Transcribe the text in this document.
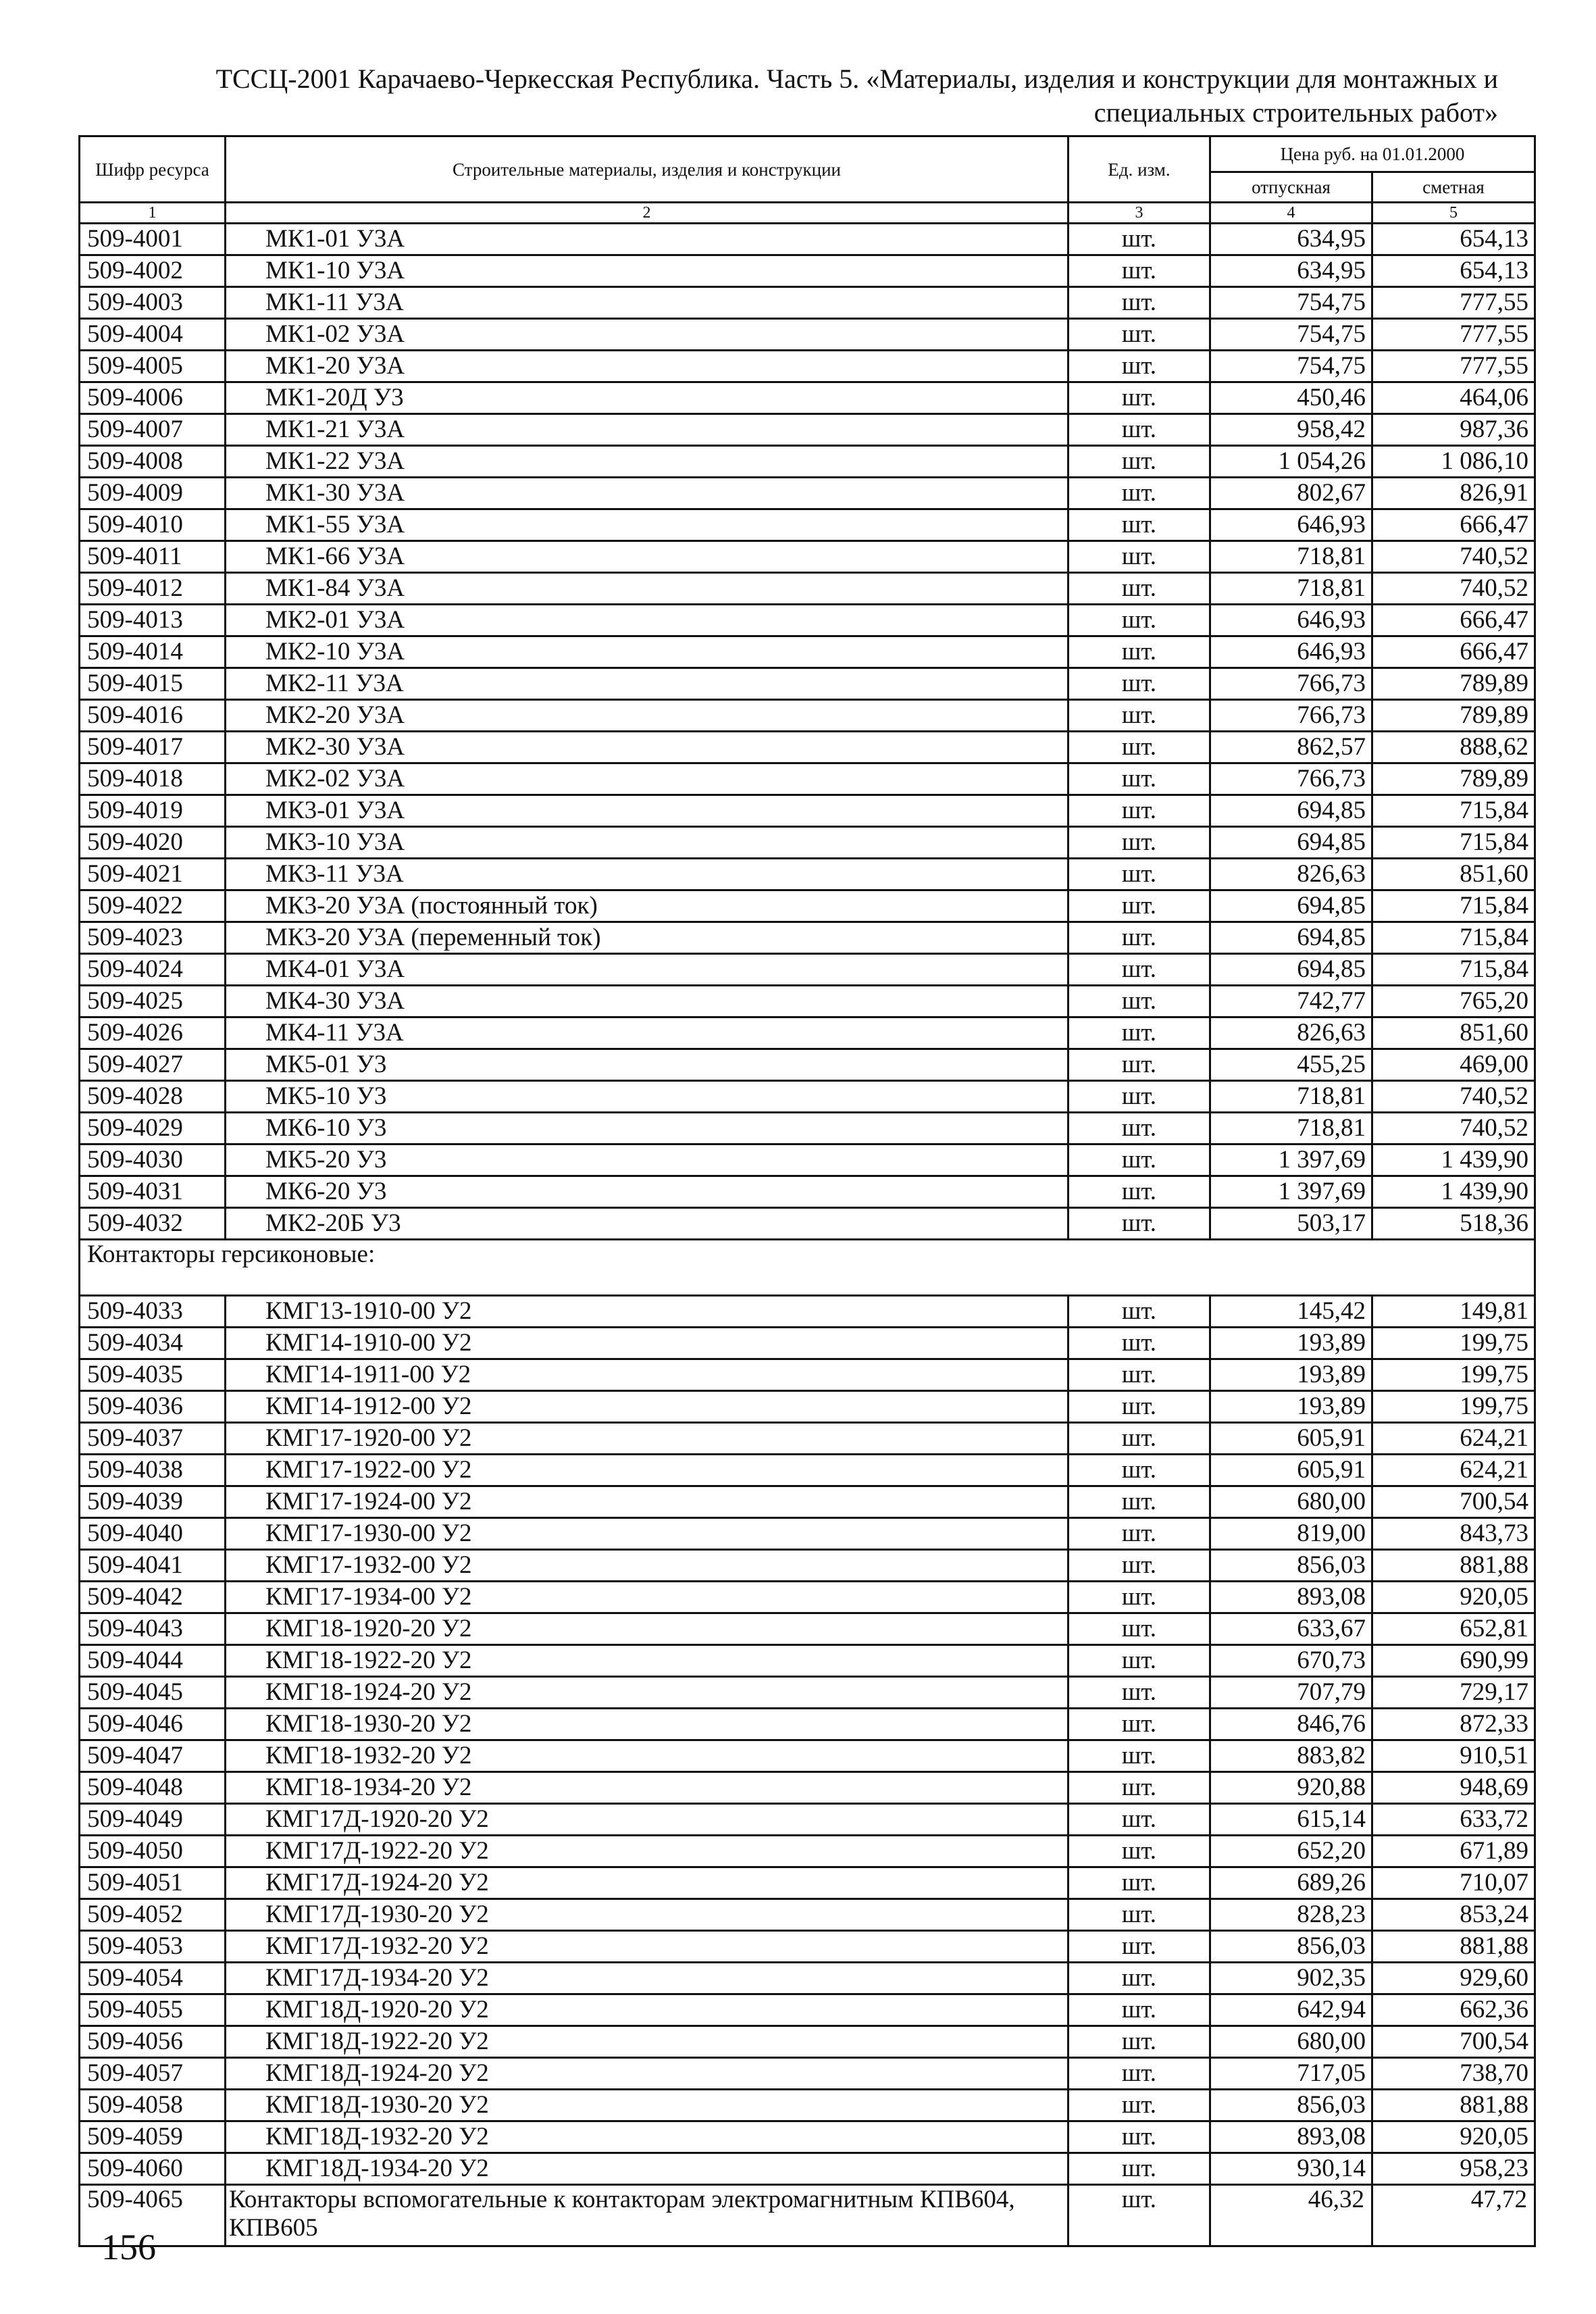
ТССЦ-2001 Карачаево-Черкесская Республика. Часть 5. «Материалы, изделия и конструкции для монтажных и
специальных строительных работ»
Шифр ресурса	Строительные материалы, изделия и конструкции	Ед. изм.	Цена руб. на 01.01.2000	
			отпускная	сметная
1	2	3	4	5
509-4001	МК1-01 У3А	шт.	634,95	654,13
509-4002	МК1-10 У3А	шт.	634,95	654,13
509-4003	МК1-11 У3А	шт.	754,75	777,55
509-4004	МК1-02 У3А	шт.	754,75	777,55
509-4005	МК1-20 У3А	шт.	754,75	777,55
509-4006	МК1-20Д У3	шт.	450,46	464,06
509-4007	МК1-21 У3А	шт.	958,42	987,36
509-4008	МК1-22 У3А	шт.	1 054,26	1 086,10
509-4009	МК1-30 У3А	шт.	802,67	826,91
509-4010	МК1-55 У3А	шт.	646,93	666,47
509-4011	МК1-66 У3А	шт.	718,81	740,52
509-4012	МК1-84 У3А	шт.	718,81	740,52
509-4013	МК2-01 У3А	шт.	646,93	666,47
509-4014	МК2-10 У3А	шт.	646,93	666,47
509-4015	МК2-11 У3А	шт.	766,73	789,89
509-4016	МК2-20 У3А	шт.	766,73	789,89
509-4017	МК2-30 У3А	шт.	862,57	888,62
509-4018	МК2-02 У3А	шт.	766,73	789,89
509-4019	МК3-01 У3А	шт.	694,85	715,84
509-4020	МК3-10 У3А	шт.	694,85	715,84
509-4021	МК3-11 У3А	шт.	826,63	851,60
509-4022	МК3-20 У3А (постоянный ток)	шт.	694,85	715,84
509-4023	МК3-20 У3А (переменный ток)	шт.	694,85	715,84
509-4024	МК4-01 У3А	шт.	694,85	715,84
509-4025	МК4-30 У3А	шт.	742,77	765,20
509-4026	МК4-11 У3А	шт.	826,63	851,60
509-4027	МК5-01 У3	шт.	455,25	469,00
509-4028	МК5-10 У3	шт.	718,81	740,52
509-4029	МК6-10 У3	шт.	718,81	740,52
509-4030	МК5-20 У3	шт.	1 397,69	1 439,90
509-4031	МК6-20 У3	шт.	1 397,69	1 439,90
509-4032	МК2-20Б У3	шт.	503,17	518,36
Контакторы герсиконовые:				
509-4033	КМГ13-1910-00 У2	шт.	145,42	149,81
509-4034	КМГ14-1910-00 У2	шт.	193,89	199,75
509-4035	КМГ14-1911-00 У2	шт.	193,89	199,75
509-4036	КМГ14-1912-00 У2	шт.	193,89	199,75
509-4037	КМГ17-1920-00 У2	шт.	605,91	624,21
509-4038	КМГ17-1922-00 У2	шт.	605,91	624,21
509-4039	КМГ17-1924-00 У2	шт.	680,00	700,54
509-4040	КМГ17-1930-00 У2	шт.	819,00	843,73
509-4041	КМГ17-1932-00 У2	шт.	856,03	881,88
509-4042	КМГ17-1934-00 У2	шт.	893,08	920,05
509-4043	КМГ18-1920-20 У2	шт.	633,67	652,81
509-4044	КМГ18-1922-20 У2	шт.	670,73	690,99
509-4045	КМГ18-1924-20 У2	шт.	707,79	729,17
509-4046	КМГ18-1930-20 У2	шт.	846,76	872,33
509-4047	КМГ18-1932-20 У2	шт.	883,82	910,51
509-4048	КМГ18-1934-20 У2	шт.	920,88	948,69
509-4049	КМГ17Д-1920-20 У2	шт.	615,14	633,72
509-4050	КМГ17Д-1922-20 У2	шт.	652,20	671,89
509-4051	КМГ17Д-1924-20 У2	шт.	689,26	710,07
509-4052	КМГ17Д-1930-20 У2	шт.	828,23	853,24
509-4053	КМГ17Д-1932-20 У2	шт.	856,03	881,88
509-4054	КМГ17Д-1934-20 У2	шт.	902,35	929,60
509-4055	КМГ18Д-1920-20 У2	шт.	642,94	662,36
509-4056	КМГ18Д-1922-20 У2	шт.	680,00	700,54
509-4057	КМГ18Д-1924-20 У2	шт.	717,05	738,70
509-4058	КМГ18Д-1930-20 У2	шт.	856,03	881,88
509-4059	КМГ18Д-1932-20 У2	шт.	893,08	920,05
509-4060	КМГ18Д-1934-20 У2	шт.	930,14	958,23
509-4065	Контакторы вспомогательные к контакторам электромагнитным КПВ604, КПВ605	шт.	46,32	47,72
156
